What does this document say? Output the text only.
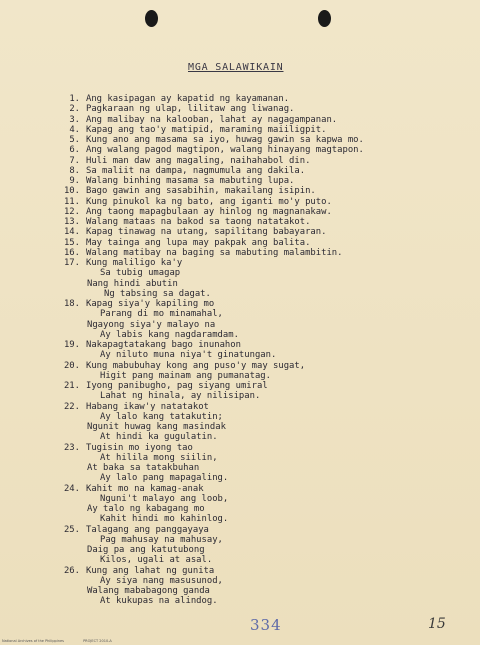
MGA SALAWIKAIN
1. Ang kasipagan ay kapatid ng kayamanan.
2. Pagkaraan ng ulap, lilitaw ang liwanag.
3. Ang malibay na kalooban, lahat ay nagagampanan.
4. Kapag ang tao'y matipid, maraming maiiligpit.
5. Kung ano ang masama sa iyo, huwag gawin sa kapwa mo.
6. Ang walang pagod magtipon, walang hinayang magtapon.
7. Huli man daw ang magaling, naihahabol din.
8. Sa maliit na dampa, nagmumula ang dakila.
9. Walang binhing masama sa mabuting lupa.
10. Bago gawin ang sasabihin, makailang isipin.
11. Kung pinukol ka ng bato, ang iganti mo'y puto.
12. Ang taong mapagbulaan ay hinlog ng magnanakaw.
13. Walang mataas na bakod sa taong natatakot.
14. Kapag tinawag na utang, sapilitang babayaran.
15. May tainga ang lupa may pakpak ang balita.
16. Walang matibay na baging sa mabuting malambitin.
17. Kung maliligo ka'y
Sa tubig umagap
Nang hindi abutin
Ng tabsing sa dagat.
18. Kapag siya'y kapiling mo
Parang di mo minamahal,
Ngayong siya'y malayo na
Ay labis kang nagdaramdam.
19. Nakapagtatakang bago inunahon
Ay niluto muna niya't ginatungan.
20. Kung mabubuhay kong ang puso'y may sugat,
Higit pang mainam ang pumanatag.
21. Iyong panibugho, pag siyang umiral
Lahat ng hinala, ay nilisipan.
22. Habang ikaw'y natatakot
Ay lalo kang tatakutin;
Ngunit huwag kang masindak
At hindi ka gugulatin.
23. Tugisin mo iyong tao
At hilila mong siilin,
At baka sa tatakbuhan
Ay lalo pang mapagaling.
24. Kahit mo na kamag-anak
Nguni't malayo ang loob,
Ay talo ng kabagang mo
Kahit hindi mo kahinlog.
25. Talagang ang panggayaya
Pag mahusay na mahusay,
Daig pa ang katutubong
Kilos, ugali at asal.
26. Kung ang lahat ng gunita
Ay siya nang masusunod,
Walang mababagong ganda
At kukupas na alindog.
334	15
National Archives of the Philippines	PROJECT 2010-A
